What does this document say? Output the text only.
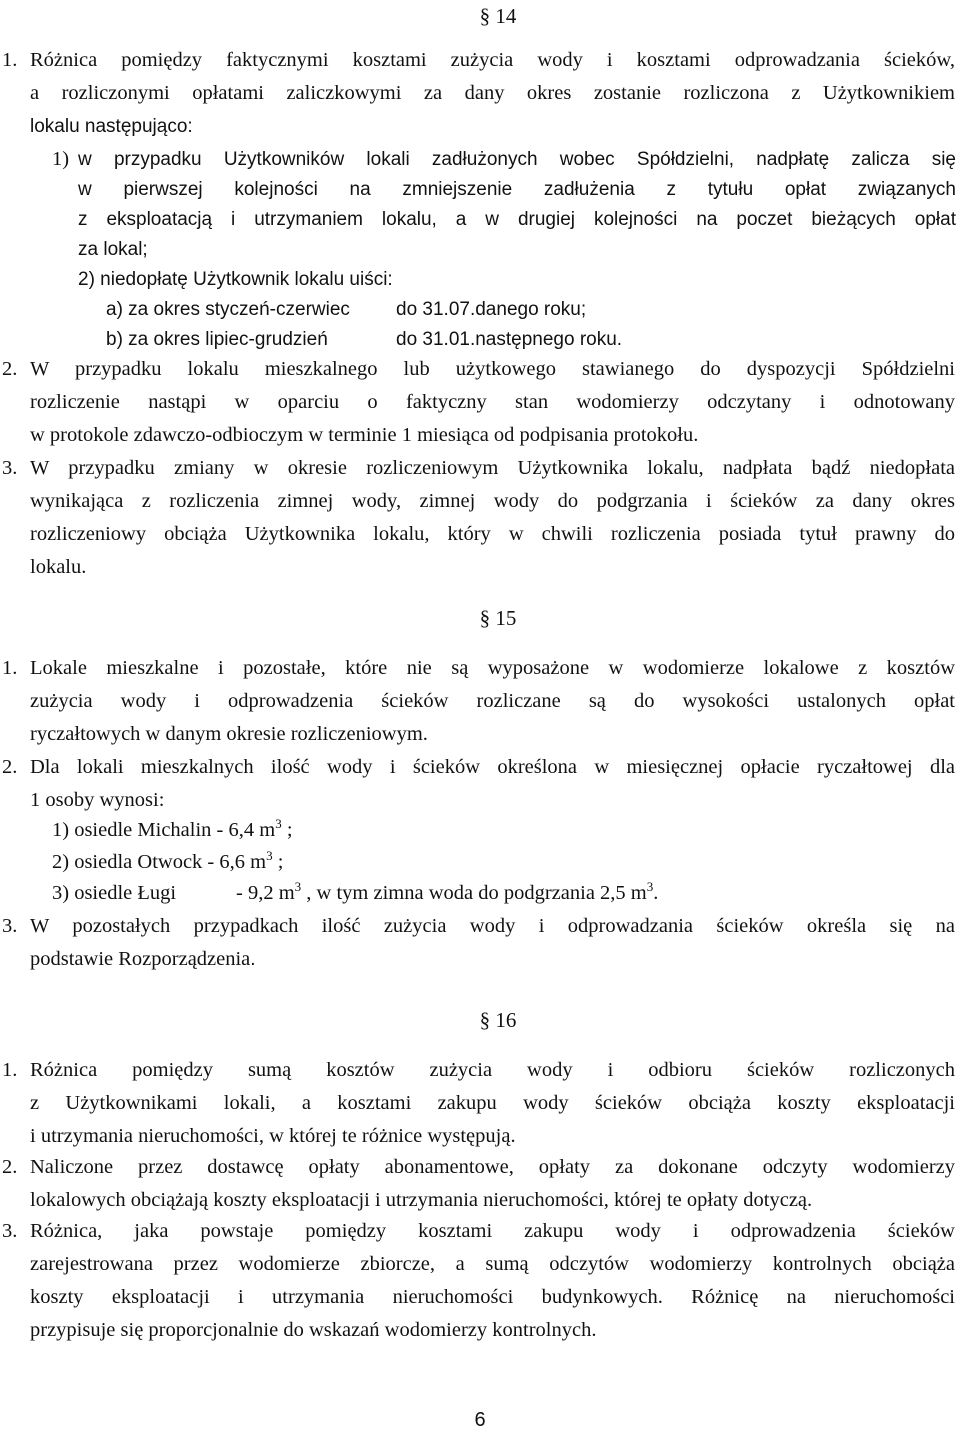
§ 14
1. Różnica pomiędzy faktycznymi kosztami zużycia wody i kosztami odprowadzania ścieków,
a rozliczonymi opłatami zaliczkowymi za dany okres zostanie rozliczona z Użytkownikiem
lokalu następująco:
1) w przypadku Użytkowników lokali zadłużonych wobec Spółdzielni, nadpłatę zalicza się
w pierwszej kolejności na zmniejszenie zadłużenia z tytułu opłat związanych
z eksploatacją i utrzymaniem lokalu, a w drugiej kolejności na poczet bieżących opłat
za lokal;
2) niedopłatę Użytkownik lokalu uiści:
a) za okres styczeń-czerwiec do 31.07.danego roku;
b) za okres lipiec-grudzień	do 31.01.następnego roku.
2. W przypadku lokalu mieszkalnego lub użytkowego stawianego do dyspozycji Spółdzielni
rozliczenie nastąpi w oparciu o faktyczny stan wodomierzy odczytany i odnotowany
w protokole zdawczo-odbioczym w terminie 1 miesiąca od podpisania protokołu.
3. W przypadku zmiany w okresie rozliczeniowym Użytkownika lokalu, nadpłata bądź niedopłata
wynikająca z rozliczenia zimnej wody, zimnej wody do podgrzania i ścieków za dany okres
rozliczeniowy obciąża Użytkownika lokalu, który w chwili rozliczenia posiada tytuł prawny do
lokalu.
§ 15
1. Lokale mieszkalne i pozostałe, które nie są wyposażone w wodomierze lokalowe z kosztów
zużycia wody i odprowadzenia ścieków rozliczane są do wysokości ustalonych opłat
ryczałtowych w danym okresie rozliczeniowym.
2. Dla lokali mieszkalnych ilość wody i ścieków określona w miesięcznej opłacie ryczałtowej dla
1 osoby wynosi:
1) osiedle Michalin - 6,4 $m^3$ ;
2) osiedla Otwock - 6,6 $m^3$ ;
3) osiedle Ługi	- 9,2 $m^3$ , w tym zimna woda do podgrzania 2,5 $m^3$.
3. W pozostałych przypadkach ilość zużycia wody i odprowadzania ścieków określa się na
podstawie Rozporządzenia.
§ 16
1. Różnica pomiędzy sumą kosztów zużycia wody i odbioru ścieków rozliczonych
z Użytkownikami lokali, a kosztami zakupu wody ścieków obciąża koszty eksploatacji
i utrzymania nieruchomości, w której te różnice występują.
2. Naliczone przez dostawcę opłaty abonamentowe, opłaty za dokonane odczyty wodomierzy
lokalowych obciążają koszty eksploatacji i utrzymania nieruchomości, której te opłaty dotyczą.
3. Różnica, jaka powstaje pomiędzy kosztami zakupu wody i odprowadzenia ścieków
zarejestrowana przez wodomierze zbiorcze, a sumą odczytów wodomierzy kontrolnych obciąża
koszty eksploatacji i utrzymania nieruchomości budynkowych. Różnicę na nieruchomości
przypisuje się proporcjonalnie do wskazań wodomierzy kontrolnych.
6
